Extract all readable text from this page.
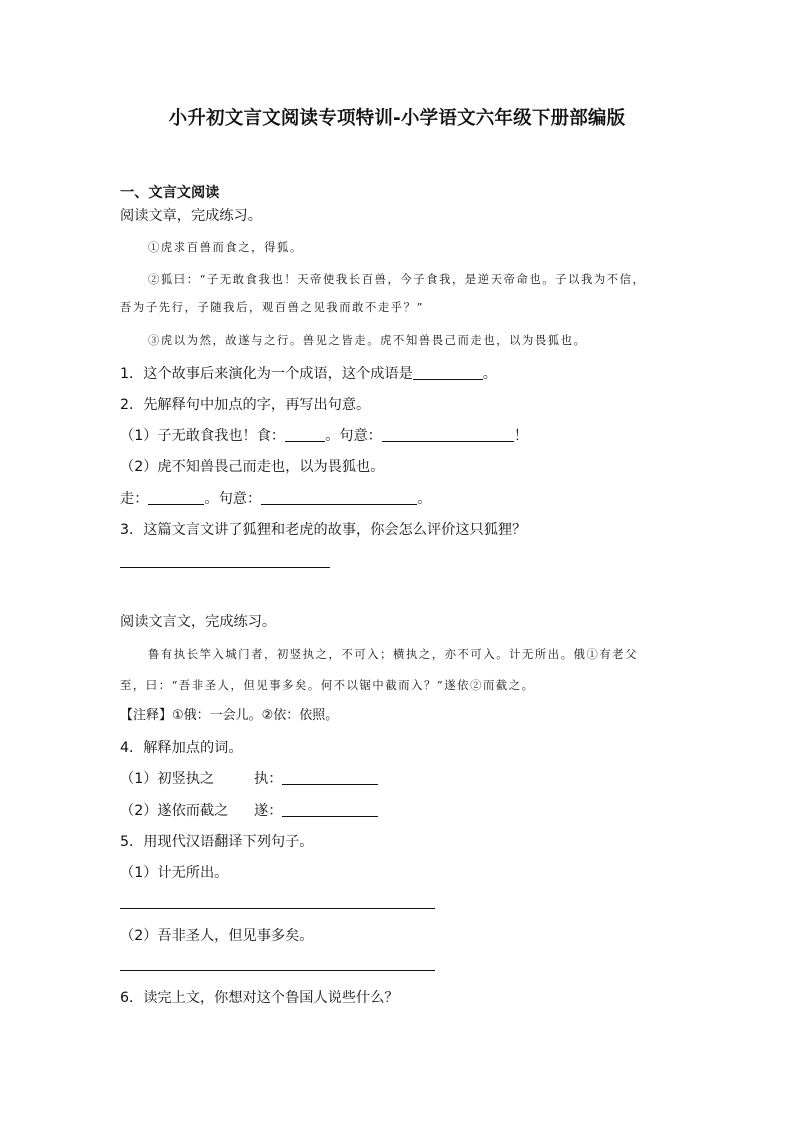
小升初文言文阅读专项特训-小学语文六年级下册部编版
一、文言文阅读
阅读文章，完成练习。
①虎求百兽而食之，得狐。
②狐曰：“子无敢食我也！天帝使我长百兽，今子食我，是逆天帝命也。子以我为不信，
吾为子先行，子随我后，观百兽之见我而敢不走乎？”
③虎以为然，故遂与之行。兽见之皆走。虎不知兽畏己而走也，以为畏狐也。
1．这个故事后来演化为一个成语，这个成语是	。
2．先解释句中加点的字，再写出句意。
（1）子无敢食我也！食：	。句意：	！
（2）虎不知兽畏己而走也，以为畏狐也。
走：	。句意：	。
3．这篇文言文讲了狐狸和老虎的故事，你会怎么评价这只狐狸？
阅读文言文，完成练习。
鲁有执长竿入城门者，初竖执之，不可入；横执之，亦不可入。计无所出。俄①有老父
至，曰：“吾非圣人，但见事多矣。何不以锯中截而入？”遂依②而截之。
【注释】①俄：一会儿。②依：依照。
4．解释加点的词。
（1）初竖执之	执：
（2）遂依而截之 遂：
5．用现代汉语翻译下列句子。
（1）计无所出。
（2）吾非圣人，但见事多矣。
6．读完上文，你想对这个鲁国人说些什么？
